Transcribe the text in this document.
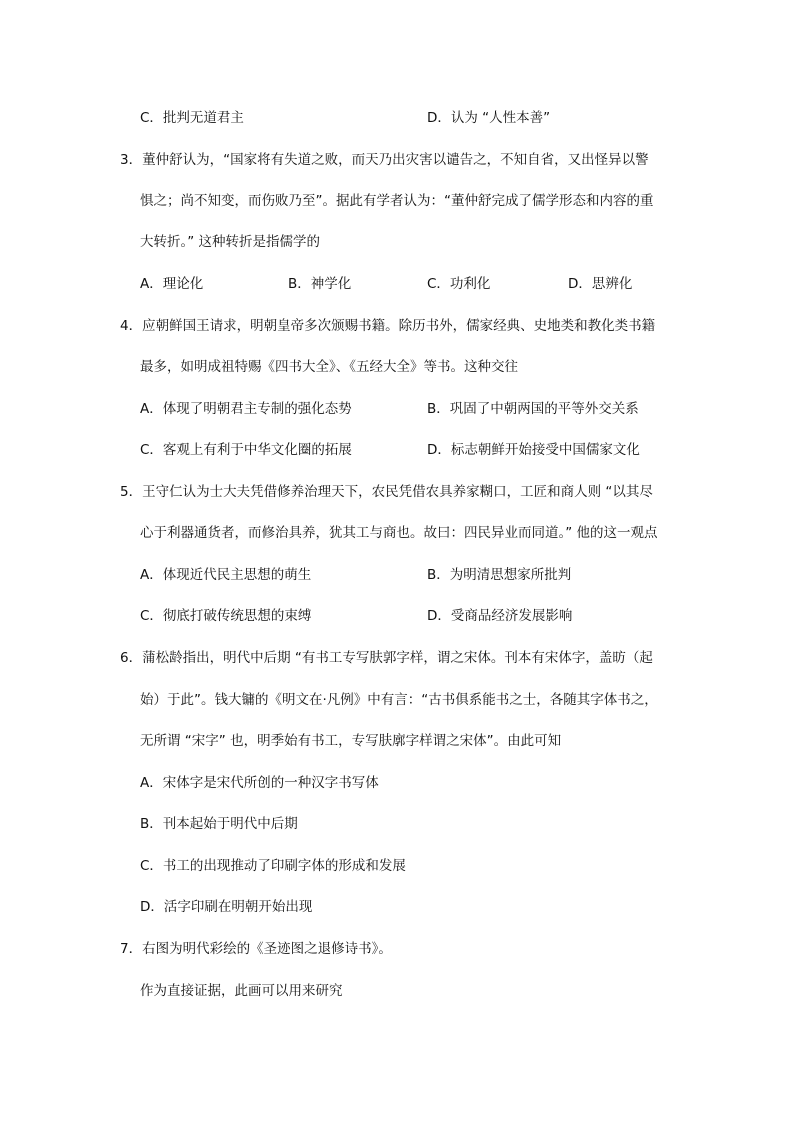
C．批判无道君主	D．认为 “人性本善”
3．董仲舒认为，“国家将有失道之败，而天乃出灾害以谴告之，不知自省，又出怪异以警
惧之；尚不知变，而伤败乃至”。据此有学者认为：“董仲舒完成了儒学形态和内容的重
大转折。” 这种转折是指儒学的
A．理论化	B．神学化	C．功利化	D．思辨化
4．应朝鲜国王请求，明朝皇帝多次颁赐书籍。除历书外，儒家经典、史地类和教化类书籍
最多，如明成祖特赐《四书大全》、《五经大全》等书。这种交往
A．体现了明朝君主专制的强化态势	B．巩固了中朝两国的平等外交关系
C．客观上有利于中华文化圈的拓展	D．标志朝鲜开始接受中国儒家文化
5．王守仁认为士大夫凭借修养治理天下，农民凭借农具养家糊口，工匠和商人则 “以其尽
心于利器通货者，而修治具养，犹其工与商也。故曰：四民异业而同道。” 他的这一观点
A．体现近代民主思想的萌生	B．为明清思想家所批判
C．彻底打破传统思想的束缚	D．受商品经济发展影响
6．蒲松龄指出，明代中后期 “有书工专写肤郭字样，谓之宋体。刊本有宋体字，盖昉（起
始）于此”。钱大镛的《明文在·凡例》中有言：“古书俱系能书之士，各随其字体书之，
无所谓 “宋字” 也，明季始有书工，专写肤廓字样谓之宋体”。由此可知
A．宋体字是宋代所创的一种汉字书写体
B．刊本起始于明代中后期
C．书工的出现推动了印刷字体的形成和发展
D．活字印刷在明朝开始出现
7．右图为明代彩绘的《圣迹图之退修诗书》。
作为直接证据，此画可以用来研究
